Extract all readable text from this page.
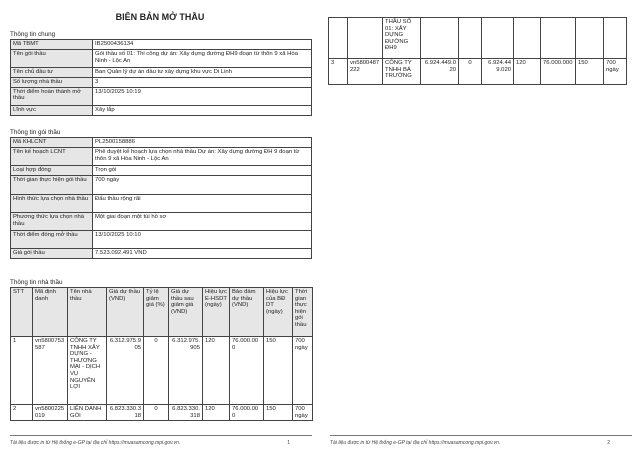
BIÊN BẢN MỞ THẦU
Thông tin chung
Mã TBMT	IB2500436134
Tên gói thầu	Gói thầu số 01: Thi công dự án: Xây dựng đường ĐH9 đoạn từ thôn 9 xã Hòa Ninh - Lộc An
Tên chủ đầu tư	Ban Quản lý dự án đầu tư xây dựng khu vực Di Linh
Số lượng nhà thầu	3
Thời điểm hoàn thành mở thầu	13/10/2025 10:19
Lĩnh vực	Xây lắp
Thông tin gói thầu
Mã KHLCNT	PL2500158886
Tên kế hoạch LCNT	Phê duyệt kế hoạch lựa chọn nhà thầu Dự án: Xây dựng đường ĐH 9 đoạn từ thôn 9 xã Hòa Ninh - Lộc An
Loại hợp đồng	Trọn gói
Thời gian thực hiện gói thầu	700 ngày
Hình thức lựa chọn nhà thầu	Đấu thầu rộng rãi
Phương thức lựa chọn nhà thầu	Một giai đoạn một túi hồ sơ
Thời điểm đóng mở thầu	13/10/2025 10:10
Giá gói thầu	7.523.092.491 VND
Thông tin nhà thầu
STT	Mã định danh	Tên nhà thầu	Giá dự thầu (VND)	Tỷ lệ giảm giá (%)	Giá dự thầu sau giảm giá (VND)	Hiệu lực E-HSDT (ngày)	Bảo đảm dự thầu (VND)	Hiệu lực của BĐ DT (ngày)	Thời gian thực hiện gói thầu
1	vn5800753587	CÔNG TY TNHH XÂY DỰNG - THƯƠNG MẠI - DỊCH VỤ NGUYỄN LỢI	6.312.975.905	0	6.312.975.905	120	76.000.000	150	700 ngày
2	vn5800225019	LIÊN DANH GÓI	6.823.330.318	0	6.823.330.318	120	76.000.000	150	700 ngày
Tài liệu được in từ Hệ thống e-GP tại địa chỉ https://muasamcong.mpi.gov.vn.	1
		THẦU SỐ 01: XÂY DỰNG ĐƯỜNG ĐH9							
3	vn5800487222	CÔNG TY TNHH BÁ TRƯỜNG	6.924.449.020	0	6.924.449.020	120	76.000.000	150	700 ngày
Tài liệu được in từ Hệ thống e-GP tại địa chỉ https://muasamcong.mpi.gov.vn.	2
